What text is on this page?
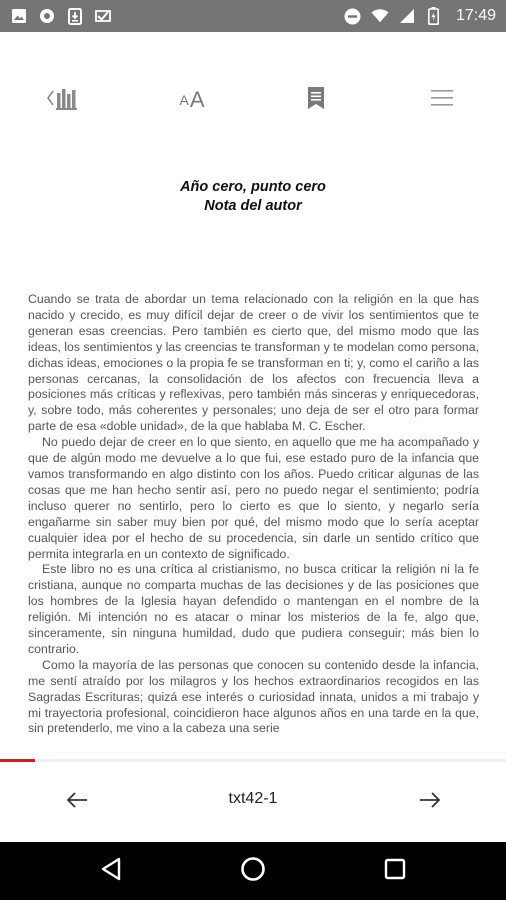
17:49
A A
Año cero, punto cero
Nota del autor

Cuando se trata de abordar un tema relacionado con la religión en la que has nacido y crecido, es muy difícil dejar de creer o de vivir los sentimientos que te generan esas creencias. Pero también es cierto que, del mismo modo que las ideas, los sentimientos y las creencias te transforman y te modelan como persona, dichas ideas, emociones o la propia fe se transforman en ti; y, como el cariño a las personas cercanas, la consolidación de los afectos con frecuencia lleva a posiciones más críticas y reflexivas, pero también más sinceras y enriquecedoras, y, sobre todo, más coherentes y personales; uno deja de ser el otro para formar parte de esa «doble unidad», de la que hablaba M. C. Escher.

No puedo dejar de creer en lo que siento, en aquello que me ha acompañado y que de algún modo me devuelve a lo que fui, ese estado puro de la infancia que vamos transformando en algo distinto con los años. Puedo criticar algunas de las cosas que me han hecho sentir así, pero no puedo negar el sentimiento; podría incluso querer no sentirlo, pero lo cierto es que lo siento, y negarlo sería engañarme sin saber muy bien por qué, del mismo modo que lo sería aceptar cualquier idea por el hecho de su procedencia, sin darle un sentido crítico que permita integrarla en un contexto de significado.

Este libro no es una crítica al cristianismo, no busca criticar la religión ni la fe cristiana, aunque no comparta muchas de las decisiones y de las posiciones que los hombres de la Iglesia hayan defendido o mantengan en el nombre de la religión. Mi intención no es atacar o minar los misterios de la fe, algo que, sinceramente, sin ninguna humildad, dudo que pudiera conseguir; más bien lo contrario.

Como la mayoría de las personas que conocen su contenido desde la infancia, me sentí atraído por los milagros y los hechos extraordinarios recogidos en las Sagradas Escrituras; quizá ese interés o curiosidad innata, unidos a mi trabajo y mi trayectoria profesional, coincidieron hace algunos años en una tarde en la que, sin pretenderlo, me vino a la cabeza una serie

txt42-1
